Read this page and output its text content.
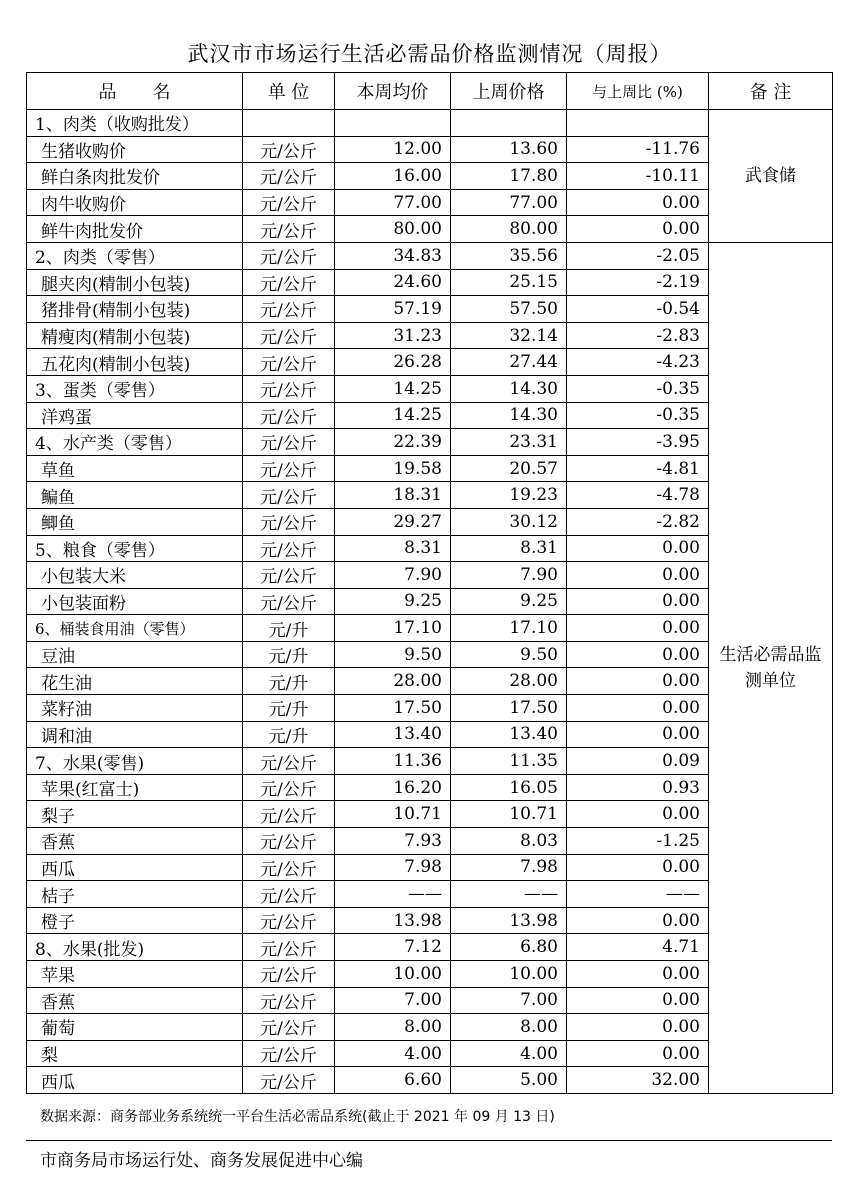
武汉市市场运行生活必需品价格监测情况（周报）
品　　名	单 位	本周均价	上周价格	与上周比 (%)	备 注
1、肉类（收购批发）					武食储
生猪收购价	元/公斤	12.00	13.60	-11.76	
鲜白条肉批发价	元/公斤	16.00	17.80	-10.11	
肉牛收购价	元/公斤	77.00	77.00	0.00	
鲜牛肉批发价	元/公斤	80.00	80.00	0.00	
2、肉类（零售）	元/公斤	34.83	35.56	-2.05	生活必需品监测单位
腿夹肉(精制小包装)	元/公斤	24.60	25.15	-2.19	
猪排骨(精制小包装)	元/公斤	57.19	57.50	-0.54	
精瘦肉(精制小包装)	元/公斤	31.23	32.14	-2.83	
五花肉(精制小包装)	元/公斤	26.28	27.44	-4.23	
3、蛋类（零售）	元/公斤	14.25	14.30	-0.35	
洋鸡蛋	元/公斤	14.25	14.30	-0.35	
4、水产类（零售）	元/公斤	22.39	23.31	-3.95	
草鱼	元/公斤	19.58	20.57	-4.81	
鳊鱼	元/公斤	18.31	19.23	-4.78	
鲫鱼	元/公斤	29.27	30.12	-2.82	
5、粮食（零售）	元/公斤	8.31	8.31	0.00	
小包装大米	元/公斤	7.90	7.90	0.00	
小包装面粉	元/公斤	9.25	9.25	0.00	
6、桶装食用油（零售）	元/升	17.10	17.10	0.00	
豆油	元/升	9.50	9.50	0.00	
花生油	元/升	28.00	28.00	0.00	
菜籽油	元/升	17.50	17.50	0.00	
调和油	元/升	13.40	13.40	0.00	
7、水果(零售)	元/公斤	11.36	11.35	0.09	
苹果(红富士)	元/公斤	16.20	16.05	0.93	
梨子	元/公斤	10.71	10.71	0.00	
香蕉	元/公斤	7.93	8.03	-1.25	
西瓜	元/公斤	7.98	7.98	0.00	
桔子	元/公斤	——	——	——	
橙子	元/公斤	13.98	13.98	0.00	
8、水果(批发)	元/公斤	7.12	6.80	4.71	
苹果	元/公斤	10.00	10.00	0.00	
香蕉	元/公斤	7.00	7.00	0.00	
葡萄	元/公斤	8.00	8.00	0.00	
梨	元/公斤	4.00	4.00	0.00	
西瓜	元/公斤	6.60	5.00	32.00	
数据来源：商务部业务系统统一平台生活必需品系统(截止于 2021 年 09 月 13 日)
市商务局市场运行处、商务发展促进中心编
